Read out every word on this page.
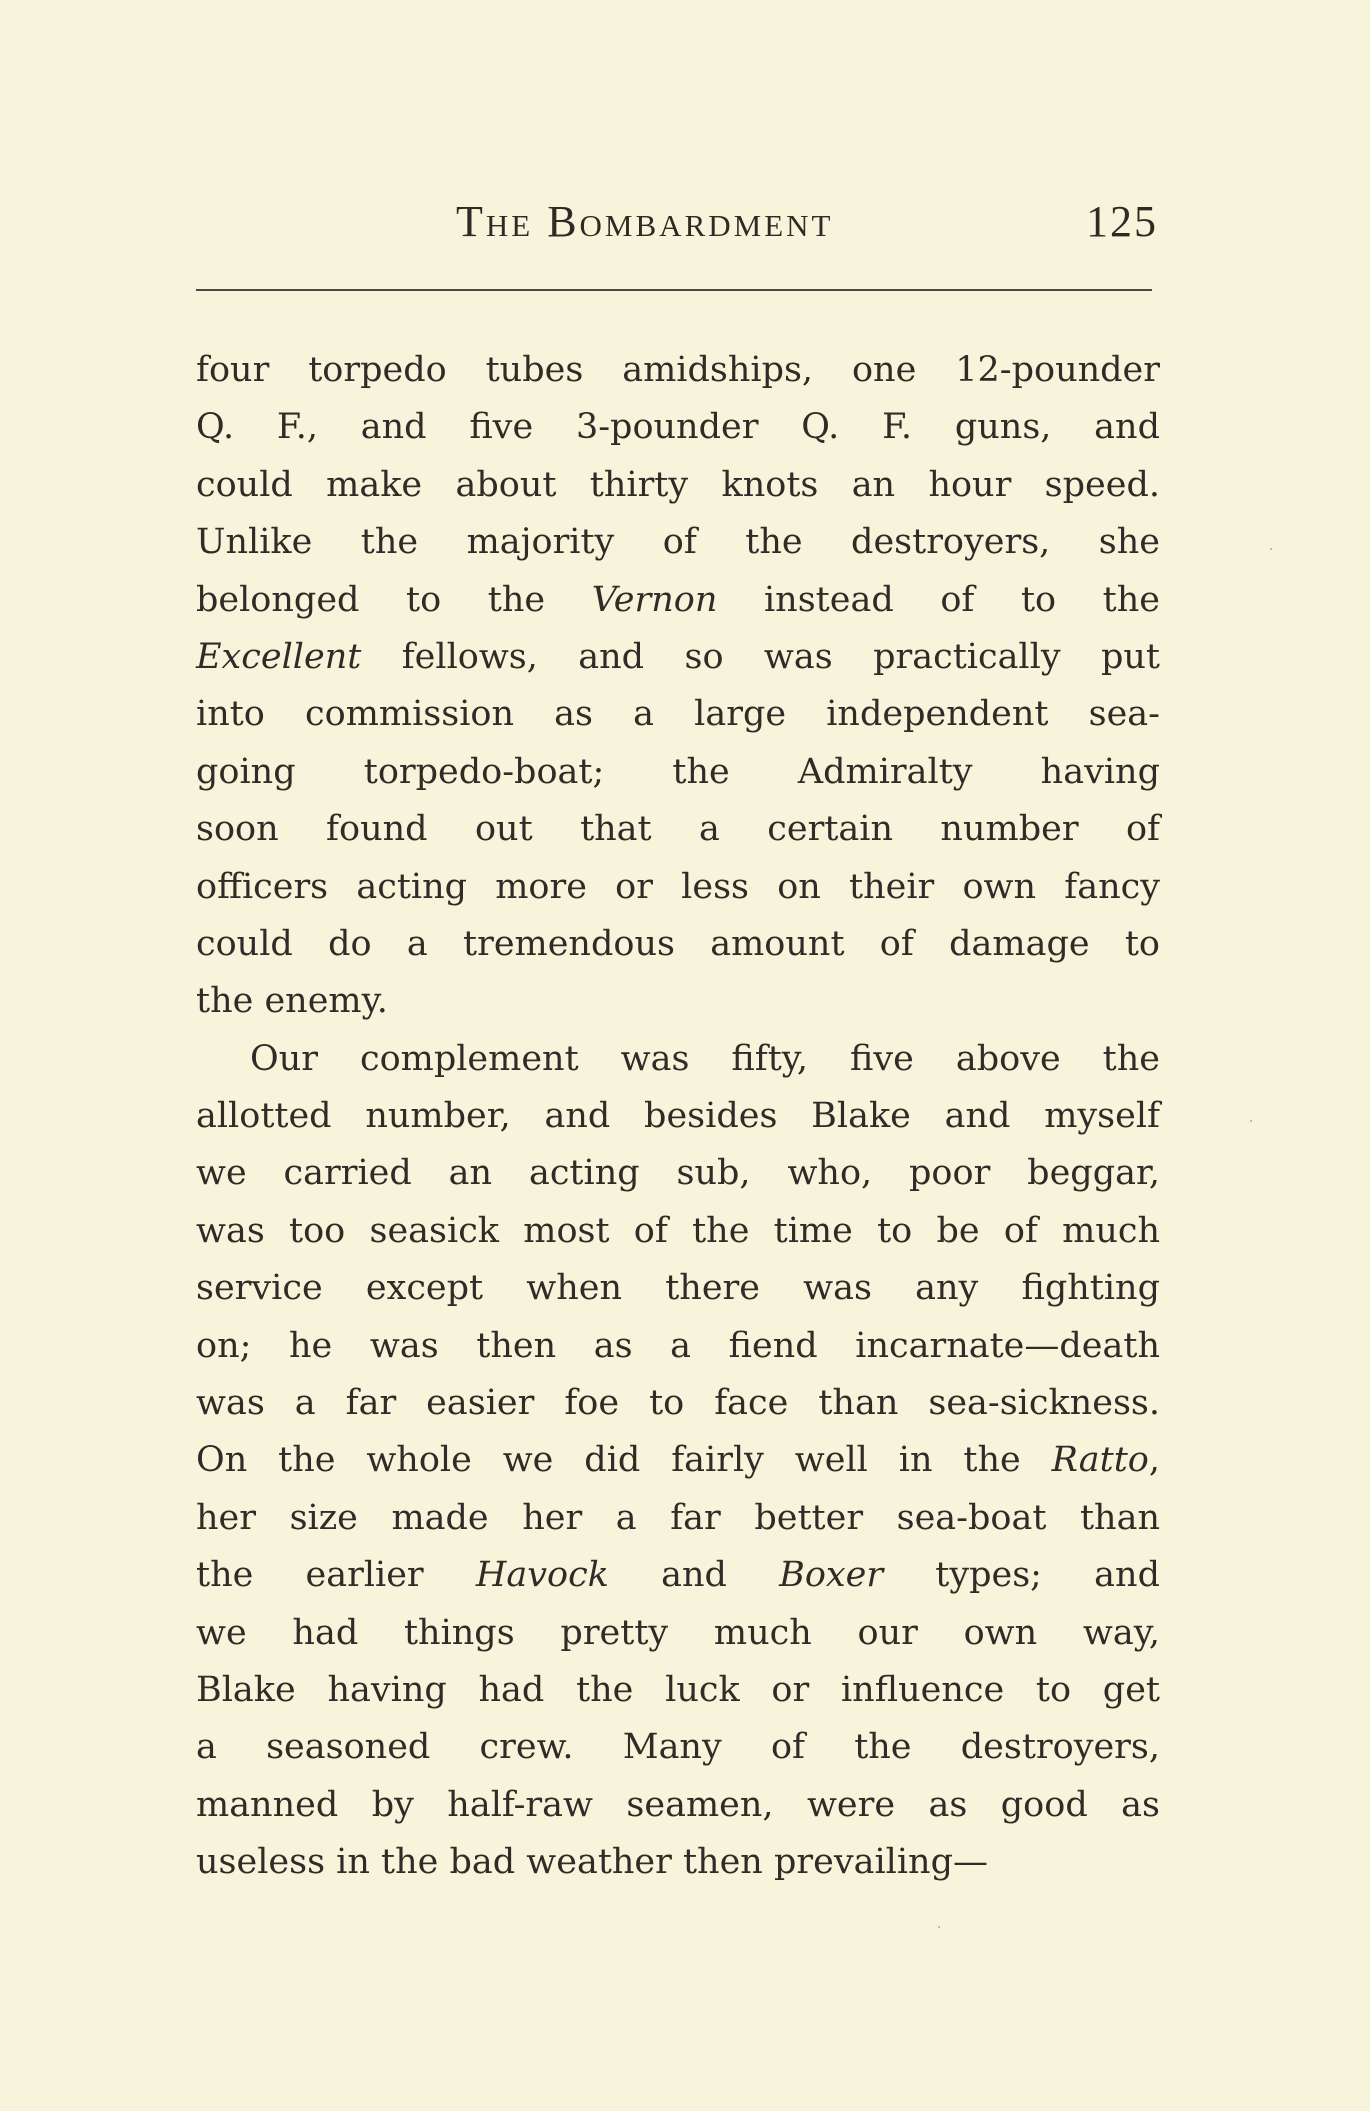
The Bombardment	125
four torpedo tubes amidships, one 12-pounder
Q. F., and five 3-pounder Q. F. guns, and
could make about thirty knots an hour speed.
Unlike the majority of the destroyers, she
belonged to the Vernon instead of to the
Excellent fellows, and so was practically put
into commission as a large independent sea-
going torpedo-boat; the Admiralty having
soon found out that a certain number of
officers acting more or less on their own fancy
could do a tremendous amount of damage to
the enemy.
Our complement was fifty, five above the
allotted number, and besides Blake and myself
we carried an acting sub, who, poor beggar,
was too seasick most of the time to be of much
service except when there was any fighting
on; he was then as a fiend incarnate—death
was a far easier foe to face than sea-sickness.
On the whole we did fairly well in the Ratto,
her size made her a far better sea-boat than
the earlier Havock and Boxer types; and
we had things pretty much our own way,
Blake having had the luck or influence to get
a seasoned crew. Many of the destroyers,
manned by half-raw seamen, were as good as
useless in the bad weather then prevailing—
